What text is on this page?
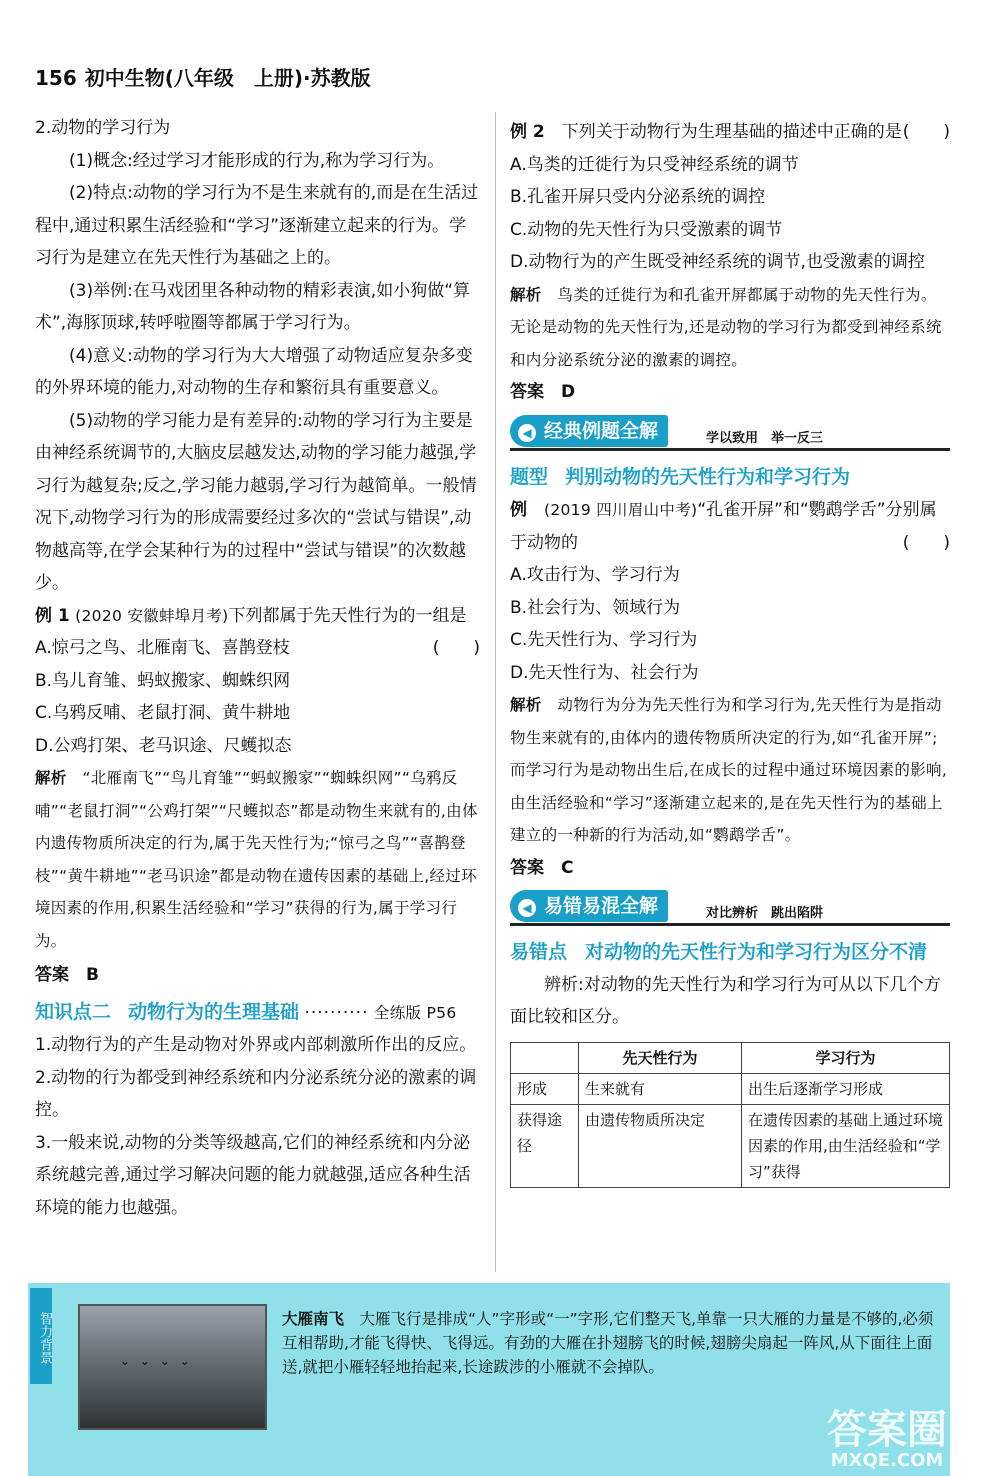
156 初中生物(八年级　上册)·苏教版

2.动物的学习行为

(1)概念:经过学习才能形成的行为,称为学习行为。

(2)特点:动物的学习行为不是生来就有的,而是在生活过程中,通过积累生活经验和“学习”逐渐建立起来的行为。学习行为是建立在先天性行为基础之上的。

(3)举例:在马戏团里各种动物的精彩表演,如小狗做“算术”,海豚顶球,转呼啦圈等都属于学习行为。

(4)意义:动物的学习行为大大增强了动物适应复杂多变的外界环境的能力,对动物的生存和繁衍具有重要意义。

(5)动物的学习能力是有差异的:动物的学习行为主要是由神经系统调节的,大脑皮层越发达,动物的学习能力越强,学习行为越复杂;反之,学习能力越弱,学习行为越简单。一般情况下,动物学习行为的形成需要经过多次的“尝试与错误”,动物越高等,在学会某种行为的过程中“尝试与错误”的次数越少。

例 1 (2020 安徽蚌埠月考)下列都属于先天性行为的一组是
(　　)

A.惊弓之鸟、北雁南飞、喜鹊登枝

B.鸟儿育雏、蚂蚁搬家、蜘蛛织网

C.乌鸦反哺、老鼠打洞、黄牛耕地

D.公鸡打架、老马识途、尺蠖拟态

解析　 “北雁南飞”“鸟儿育雏”“蚂蚁搬家”“蜘蛛织网”“乌鸦反哺”“老鼠打洞”“公鸡打架”“尺蠖拟态”都是动物生来就有的,由体内遗传物质所决定的行为,属于先天性行为;“惊弓之鸟”“喜鹊登枝”“黄牛耕地”“老马识途”都是动物在遗传因素的基础上,经过环境因素的作用,积累生活经验和“学习”获得的行为,属于学习行为。

答案　 B

知识点二　 动物行为的生理基础 ·········· 全练版 P56

1.动物行为的产生是动物对外界或内部刺激所作出的反应。

2.动物的行为都受到神经系统和内分泌系统分泌的激素的调控。

3.一般来说,动物的分类等级越高,它们的神经系统和内分泌系统越完善,通过学习解决问题的能力就越强,适应各种生活环境的能力也越强。

例 2　 下列关于动物行为生理基础的描述中正确的是 (　　)

A.鸟类的迁徙行为只受神经系统的调节

B.孔雀开屏只受内分泌系统的调控

C.动物的先天性行为只受激素的调节

D.动物行为的产生既受神经系统的调节,也受激素的调控

解析　 鸟类的迁徙行为和孔雀开屏都属于动物的先天性行为。无论是动物的先天性行为,还是动物的学习行为都受到神经系统和内分泌系统分泌的激素的调控。

答案　 D

◀ 经典例题全解	学以致用　举一反三

题型　 判别动物的先天性行为和学习行为

例　 (2019 四川眉山中考)“孔雀开屏”和“鹦鹉学舌”分别属于动物的	(　　)

A.攻击行为、学习行为

B.社会行为、领域行为

C.先天性行为、学习行为

D.先天性行为、社会行为

解析　 动物行为分为先天性行为和学习行为,先天性行为是指动物生来就有的,由体内的遗传物质所决定的行为,如“孔雀开屏”;而学习行为是动物出生后,在成长的过程中通过环境因素的影响,由生活经验和“学习”逐渐建立起来的,是在先天性行为的基础上建立的一种新的行为活动,如“鹦鹉学舌”。

答案　 C

◀ 易错易混全解	对比辨析　跳出陷阱

易错点 对动物的先天性行为和学习行为区分不清

辨析:对动物的先天性行为和学习行为可从以下几个方面比较和区分。

	先天性行为	学习行为
形成	生来就有	出生后逐渐学习形成
获得途径	由遗传物质所决定	在遗传因素的基础上通过环境因素的作用,由生活经验和“学习”获得
智力背景	⌄ ⌄ ⌄ ⌄
大雁南飞　 大雁飞行是排成“人”字形或“一”字形,它们整天飞,单靠一只大雁的力量是不够的,必须互相帮助,才能飞得快、飞得远。有劲的大雁在扑翅膀飞的时候,翅膀尖扇起一阵风,从下面往上面送,就把小雁轻轻地抬起来,长途跋涉的小雁就不会掉队。
答案圈
MXQE.COM
